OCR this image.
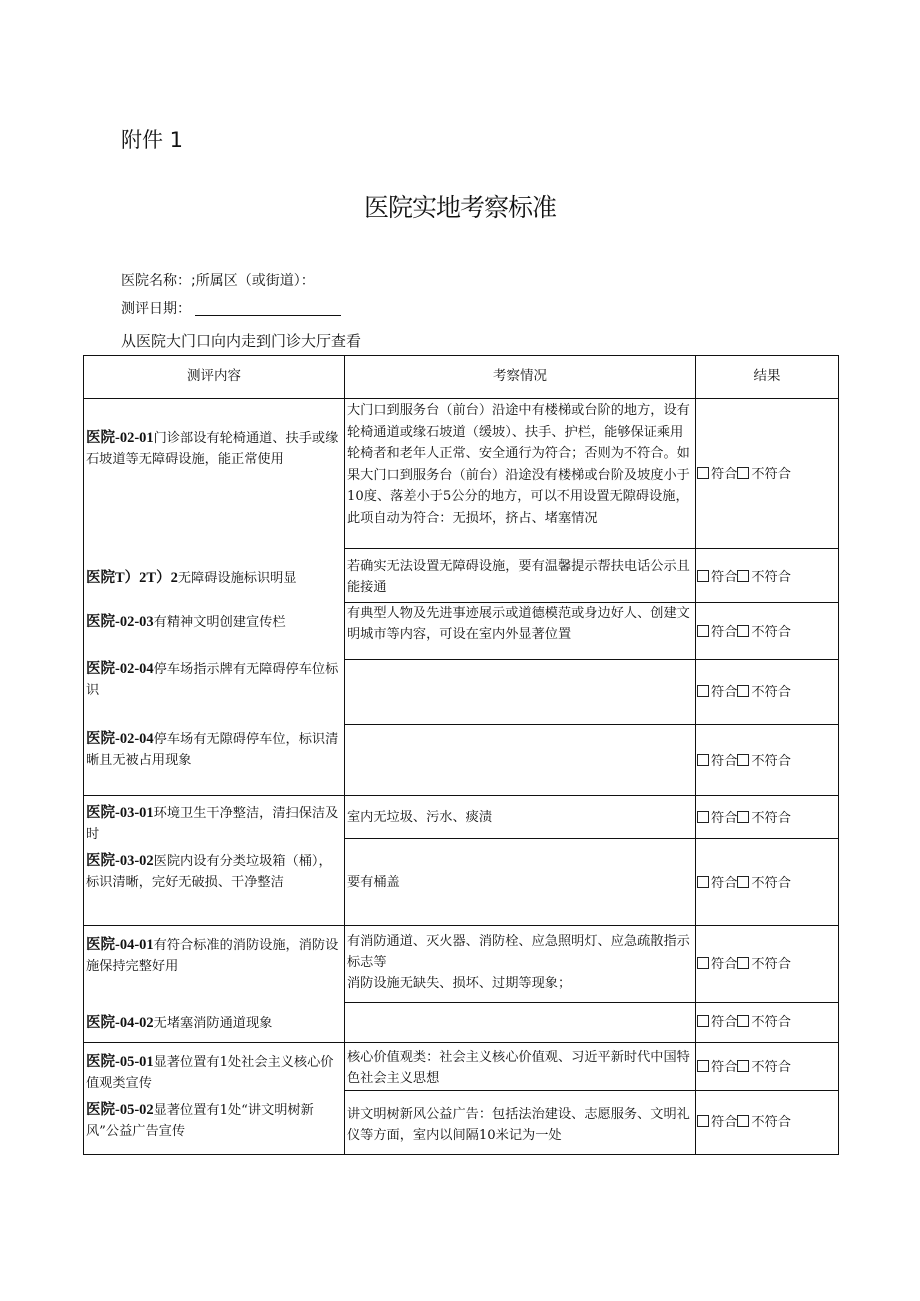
附件 1
医院实地考察标准
医院名称：;所属区（或街道）：
测评日期：
从医院大门口向内走到门诊大厅查看
测评内容	考察情况	结果
医院-02-01门诊部设有轮椅通道、扶手或缘石坡道等无障碍设施，能正常使用
医院T）2T）2无障碍设施标识明显
医院-02-03有精神文明创建宣传栏
医院-02-04停车场指示牌有无障碍停车位标识
医院-02-04停车场有无隙碍停车位，标识清晰且无被占用现象
医院-03-01环境卫生干净整洁，清扫保洁及时
医院-03-02医院内设有分类垃圾箱（桶），标识清晰，完好无破损、干净整洁
医院-04-01有符合标准的消防设施，消防设施保持完整好用
医院-04-02无堵塞消防通道现象
医院-05-01显著位置有1处社会主义核心价值观类宣传
医院-05-02显著位置有1处“讲文明树新风”公益广告宣传
大门口到服务台（前台）沿途中有楼梯或台阶的地方，设有轮椅通道或缘石坡道（缓坡）、扶手、护栏，能够保证乘用轮椅者和老年人正常、安全通行为符合；否则为不符合。如果大门口到服务台（前台）沿途没有楼梯或台阶及坡度小于10度、落差小于5公分的地方，可以不用设置无隙碍设施，此项自动为符合：无损坏，挤占、堵塞情况
若确实无法设置无障碍设施，要有温馨提示帮扶电话公示且能接通
有典型人物及先进事迹展示或道德模范或身边好人、创建文明城市等内容，可设在室内外显著位置
室内无垃圾、污水、痰渍
要有桶盖
有消防通道、灭火器、消防栓、应急照明灯、应急疏散指示标志等
消防设施无缺失、损坏、过期等现象；
核心价值观类：社会主义核心价值观、习近平新时代中国特色社会主义思想
讲文明树新风公益广告：包括法治建设、志愿服务、文明礼仪等方面，室内以间隔10米记为一处
符合 不符合
符合 不符合
符合 不符合
符合 不符合
符合 不符合
符合 不符合
符合 不符合
符合 不符合
符合 不符合
符合 不符合
符合 不符合
